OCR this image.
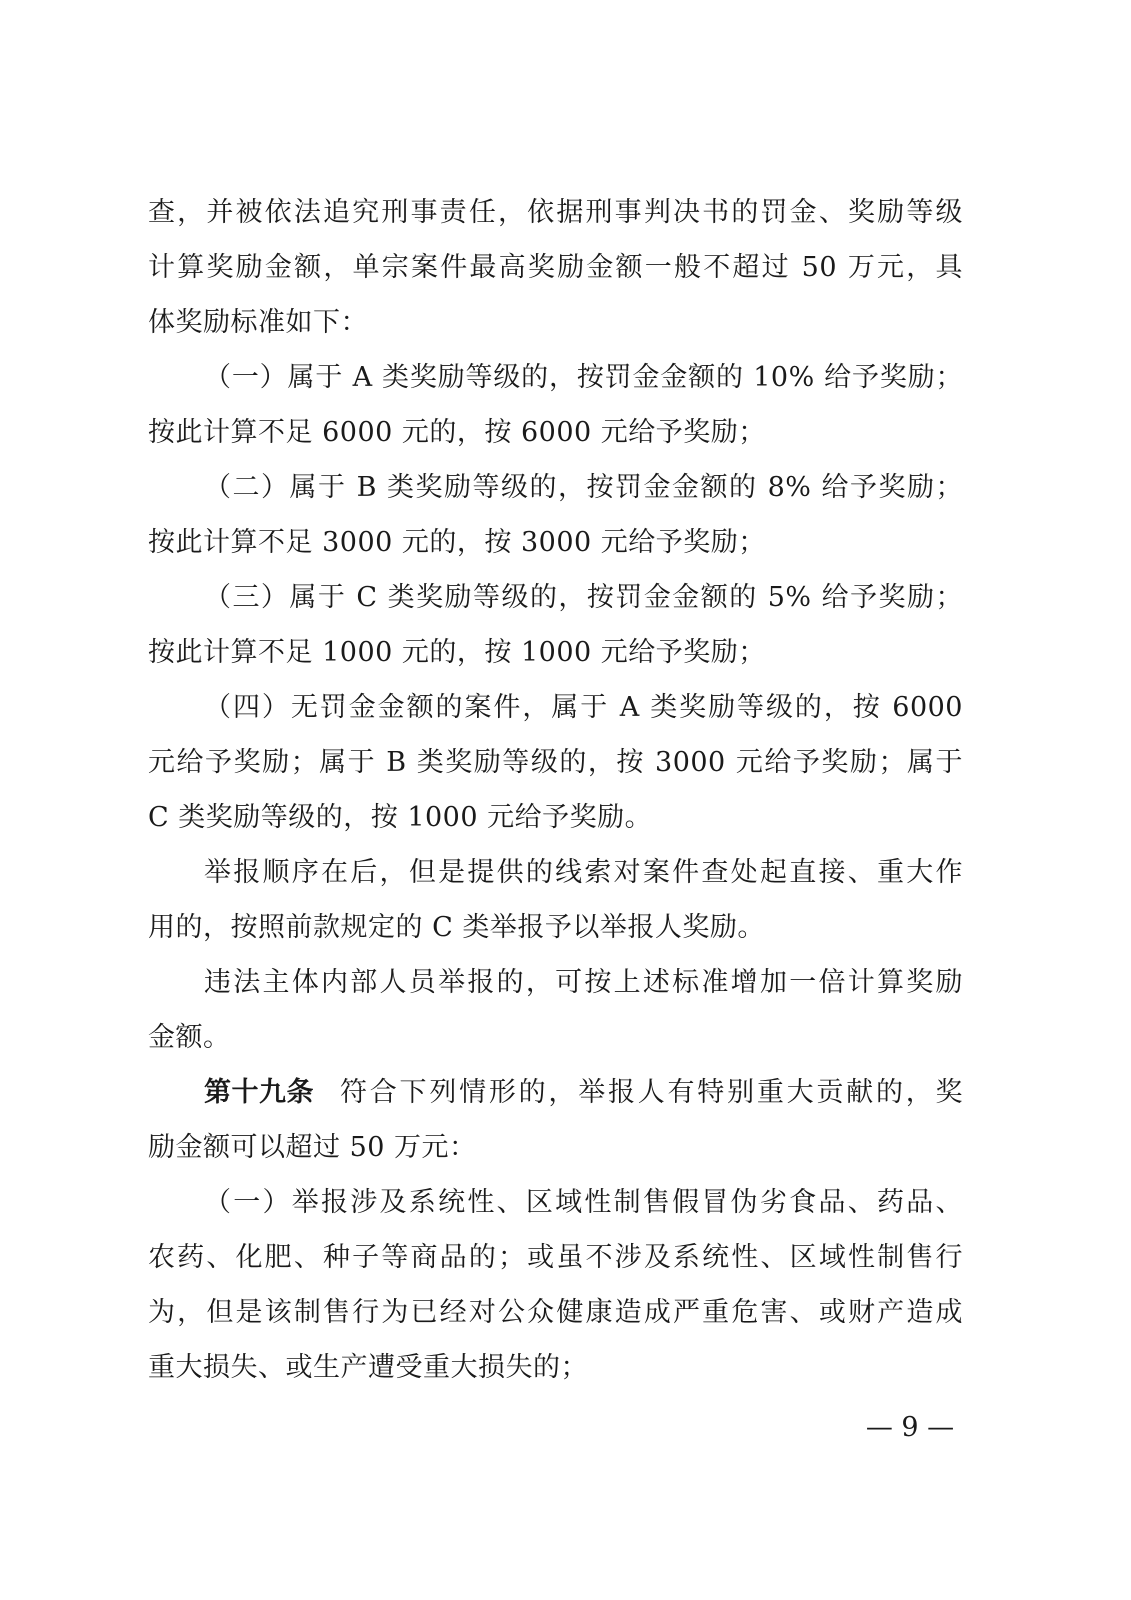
查，并被依法追究刑事责任，依据刑事判决书的罚金、奖励等级
计算奖励金额，单宗案件最高奖励金额一般不超过 50 万元，具
体奖励标准如下：
（一）属于 A 类奖励等级的，按罚金金额的 10% 给予奖励；
按此计算不足 6000 元的，按 6000 元给予奖励；
（二）属于 B 类奖励等级的，按罚金金额的 8% 给予奖励；
按此计算不足 3000 元的，按 3000 元给予奖励；
（三）属于 C 类奖励等级的，按罚金金额的 5% 给予奖励；
按此计算不足 1000 元的，按 1000 元给予奖励；
（四）无罚金金额的案件，属于 A 类奖励等级的，按 6000
元给予奖励；属于 B 类奖励等级的，按 3000 元给予奖励；属于
C 类奖励等级的，按 1000 元给予奖励。
举报顺序在后，但是提供的线索对案件查处起直接、重大作
用的，按照前款规定的 C 类举报予以举报人奖励。
违法主体内部人员举报的，可按上述标准增加一倍计算奖励
金额。
第十九条 符合下列情形的，举报人有特别重大贡献的，奖
励金额可以超过 50 万元：
（一）举报涉及系统性、区域性制售假冒伪劣食品、药品、
农药、化肥、种子等商品的；或虽不涉及系统性、区域性制售行
为，但是该制售行为已经对公众健康造成严重危害、或财产造成
重大损失、或生产遭受重大损失的；
— 9 —
